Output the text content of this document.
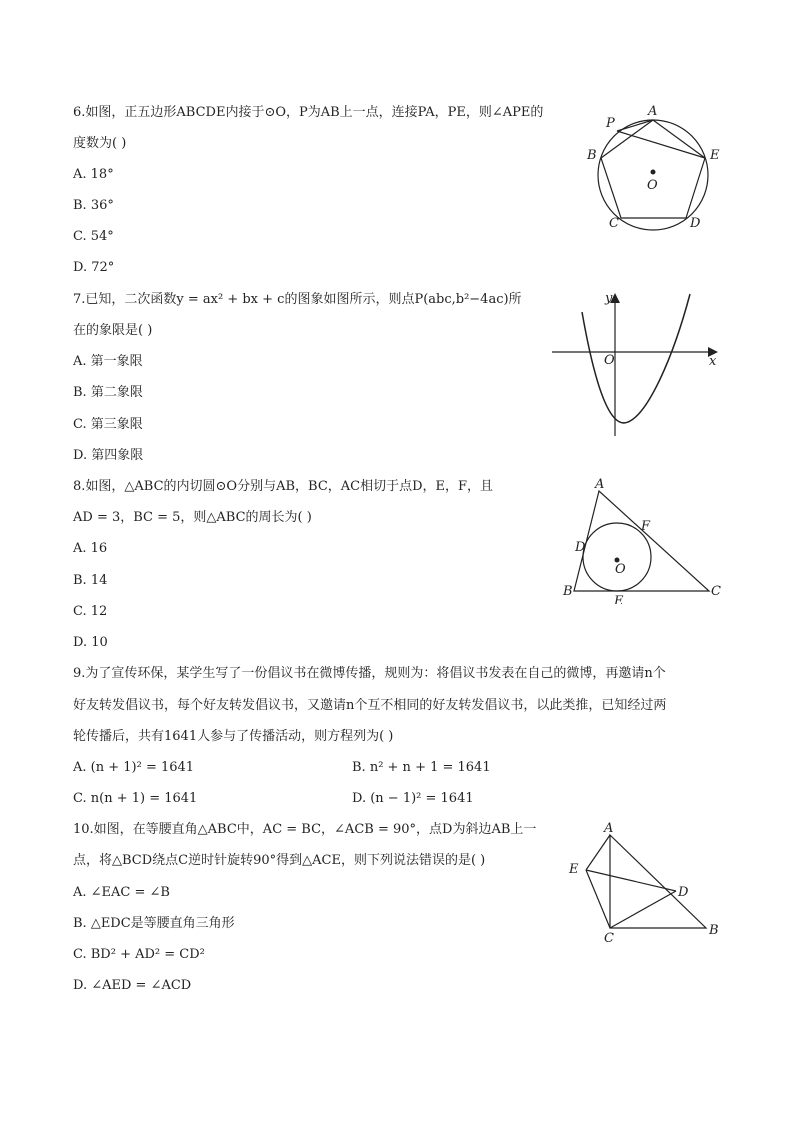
6.如图，正五边形ABCDE内接于⊙O，P为AB上一点，连接PA，PE，则∠APE的
度数为( )
A. 18°
B. 36°
C. 54°
D. 72°
A
P
B	E
O
C	D
7.已知，二次函数y = ax² + bx + c的图象如图所示，则点P(abc,b²−4ac)所
在的象限是( )
A. 第一象限
B. 第二象限
C. 第三象限
D. 第四象限
y
O	x
8.如图，△ABC的内切圆⊙O分别与AB，BC，AC相切于点D，E，F，且
AD = 3，BC = 5，则△ABC的周长为( )
A. 16
B. 14
C. 12
D. 10
A
F
D
O
B	C
E
9.为了宣传环保，某学生写了一份倡议书在微博传播，规则为：将倡议书发表在自己的微博，再邀请n个
好友转发倡议书，每个好友转发倡议书，又邀请n个互不相同的好友转发倡议书，以此类推，已知经过两
轮传播后，共有1641人参与了传播活动，则方程列为( )
A. (n + 1)² = 1641	B. n² + n + 1 = 1641
C. n(n + 1) = 1641	D. (n − 1)² = 1641
10.如图，在等腰直角△ABC中，AC = BC，∠ACB = 90°，点D为斜边AB上一
点，将△BCD绕点C逆时针旋转90°得到△ACE，则下列说法错误的是( )
A. ∠EAC = ∠B
B. △EDC是等腰直角三角形
C. BD² + AD² = CD²
D. ∠AED = ∠ACD
A
E
D
C
B
